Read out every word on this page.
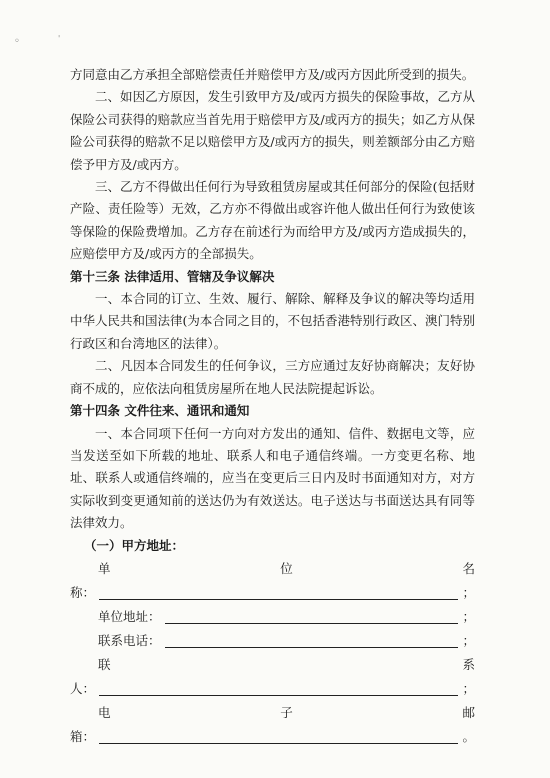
◦	'

方同意由乙方承担全部赔偿责任并赔偿甲方及/或丙方因此所受到的损失。

二、如因乙方原因，发生引致甲方及/或丙方损失的保险事故，乙方从保险公司获得的赔款应当首先用于赔偿甲方及/或丙方的损失；如乙方从保险公司获得的赔款不足以赔偿甲方及/或丙方的损失，则差额部分由乙方赔偿予甲方及/或丙方。

三、乙方不得做出任何行为导致租赁房屋或其任何部分的保险(包括财产险、责任险等）无效，乙方亦不得做出或容许他人做出任何行为致使该等保险的保险费增加。乙方存在前述行为而给甲方及/或丙方造成损失的，应赔偿甲方及/或丙方的全部损失。

第十三条 法律适用、管辖及争议解决

一、本合同的订立、生效、履行、解除、解释及争议的解决等均适用中华人民共和国法律(为本合同之目的，不包括香港特别行政区、澳门特别行政区和台湾地区的法律）。

二、凡因本合同发生的任何争议，三方应通过友好协商解决；友好协商不成的，应依法向租赁房屋所在地人民法院提起诉讼。

第十四条 文件往来、通讯和通知

一、本合同项下任何一方向对方发出的通知、信件、数据电文等，应当发送至如下所载的地址、联系人和电子通信终端。一方变更名称、地址、联系人或通信终端的，应当在变更后三日内及时书面通知对方，对方实际收到变更通知前的送达仍为有效送达。电子送达与书面送达具有同等法律效力。

（一）甲方地址：

单	位	名
称：	；
单位地址：	；
联系电话：	；
联	系
人：	；
电	子	邮
箱：	。
